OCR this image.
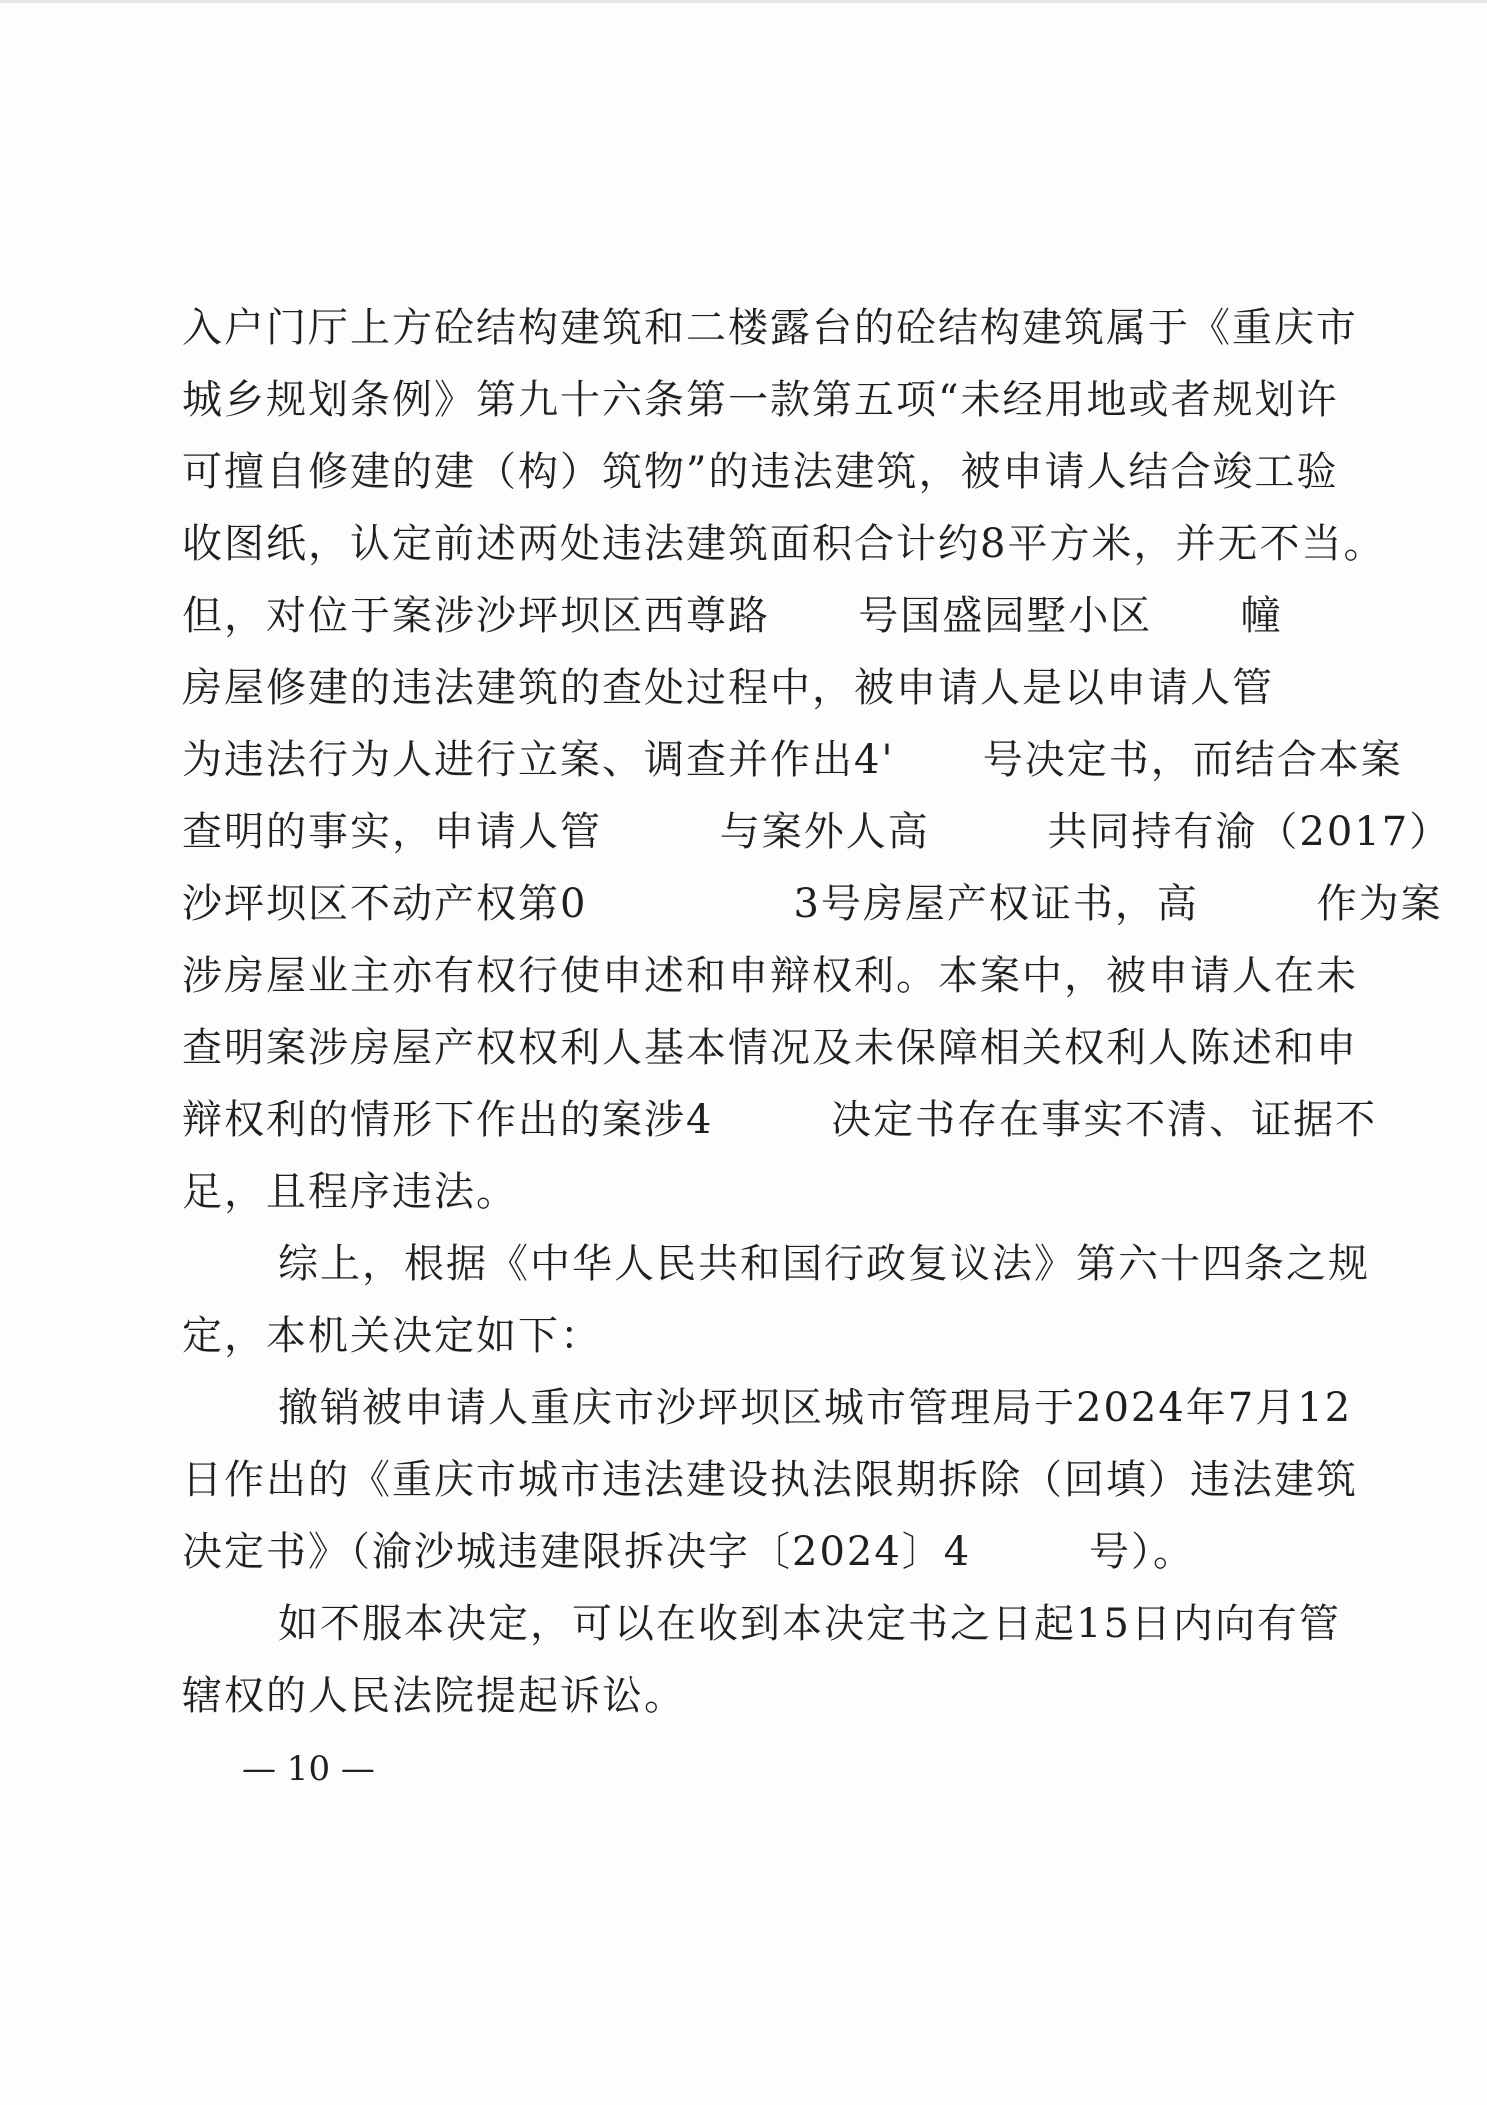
入户门厅上方砼结构建筑和二楼露台的砼结构建筑属于《重庆市
城乡规划条例》第九十六条第一款第五项“未经用地或者规划许
可擅自修建的建（构）筑物”的违法建筑，被申请人结合竣工验
收图纸，认定前述两处违法建筑面积合计约8平方米，并无不当。
但，对位于案涉沙坪坝区西尊路      号国盛园墅小区      幢
房屋修建的违法建筑的查处过程中，被申请人是以申请人管
为违法行为人进行立案、调查并作出4'      号决定书，而结合本案
查明的事实，申请人管        与案外人高        共同持有渝（2017）
沙坪坝区不动产权第0              3号房屋产权证书，高        作为案
涉房屋业主亦有权行使申述和申辩权利。本案中，被申请人在未
查明案涉房屋产权权利人基本情况及未保障相关权利人陈述和申
辩权利的情形下作出的案涉4        决定书存在事实不清、证据不
足，且程序违法。
综上，根据《中华人民共和国行政复议法》第六十四条之规
定，本机关决定如下：
撤销被申请人重庆市沙坪坝区城市管理局于2024年7月12
日作出的《重庆市城市违法建设执法限期拆除（回填）违法建筑
决定书》（渝沙城违建限拆决字〔2024〕4        号）。
如不服本决定，可以在收到本决定书之日起15日内向有管
辖权的人民法院提起诉讼。
— 10 —
